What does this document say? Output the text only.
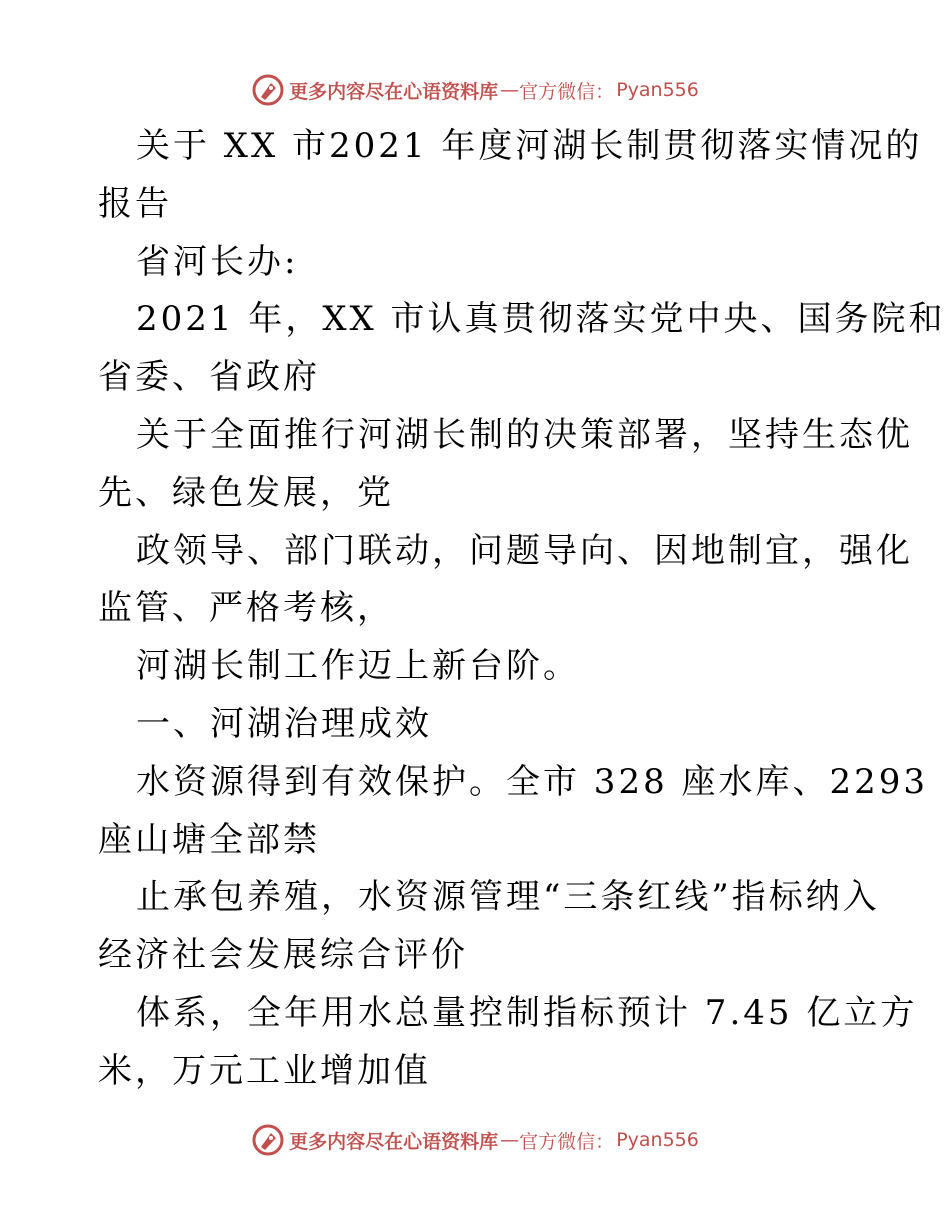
更多内容尽在心语资料库 — 官方微信： Pyan556
关于 XX 市2021 年度河湖长制贯彻落实情况的
报告
省河长办:
2021 年，XX 市认真贯彻落实党中央、国务院和
省委、省政府
关于全面推行河湖长制的决策部署，坚持生态优
先、绿色发展，党
政领导、部门联动，问题导向、因地制宜，强化
监管、严格考核，
河湖长制工作迈上新台阶。
一、河湖治理成效
水资源得到有效保护。全市 328 座水库、2293
座山塘全部禁
止承包养殖，水资源管理“三条红线”指标纳入
经济社会发展综合评价
体系，全年用水总量控制指标预计 7.45 亿立方
米，万元工业增加值
更多内容尽在心语资料库 — 官方微信： Pyan556
